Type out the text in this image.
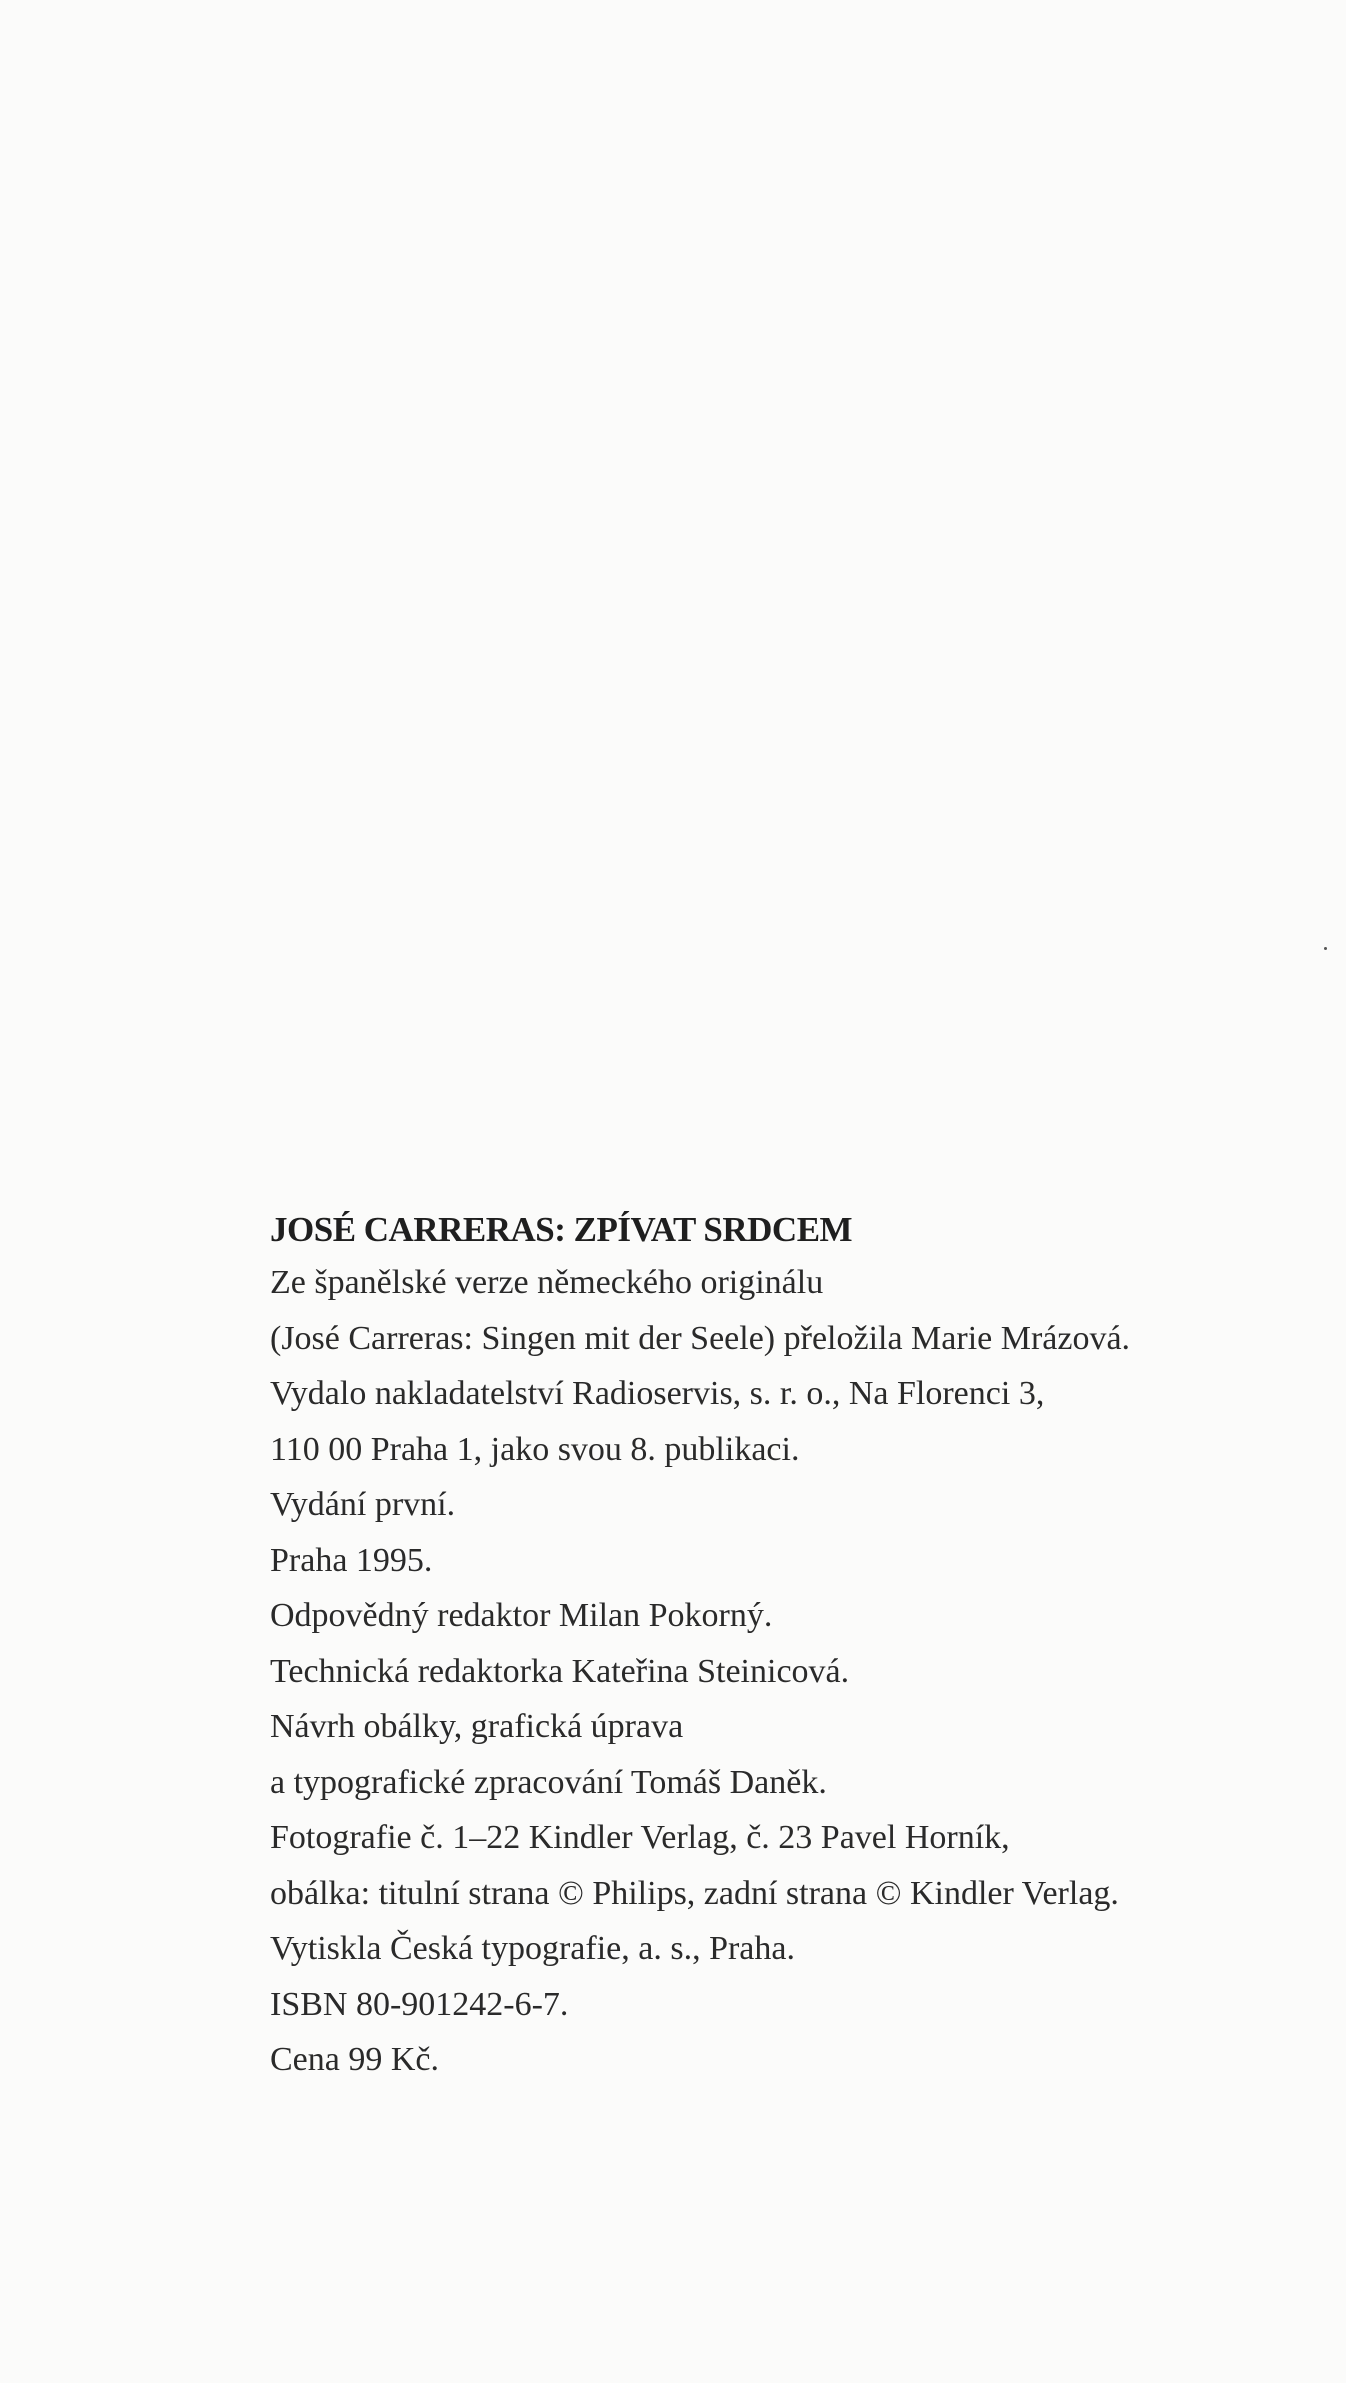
JOSÉ CARRERAS: ZPÍVAT SRDCEM

Ze španělské verze německého originálu

(José Carreras: Singen mit der Seele) přeložila Marie Mrázová.

Vydalo nakladatelství Radioservis, s. r. o., Na Florenci 3,

110 00 Praha 1, jako svou 8. publikaci.

Vydání první.

Praha 1995.

Odpovědný redaktor Milan Pokorný.

Technická redaktorka Kateřina Steinicová.

Návrh obálky, grafická úprava

a typografické zpracování Tomáš Daněk.

Fotografie č. 1–22 Kindler Verlag, č. 23 Pavel Horník,

obálka: titulní strana © Philips, zadní strana © Kindler Verlag.

Vytiskla Česká typografie, a. s., Praha.

ISBN 80-901242-6-7.

Cena 99 Kč.
